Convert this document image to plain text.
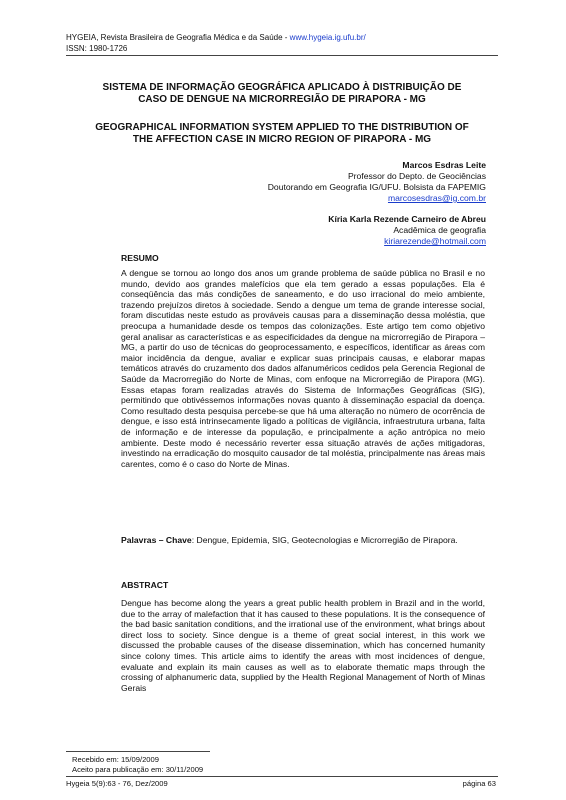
HYGEIA, Revista Brasileira de Geografia Médica e da Saúde - www.hygeia.ig.ufu.br/
ISSN: 1980-1726
SISTEMA DE INFORMAÇÃO GEOGRÁFICA APLICADO À DISTRIBUIÇÃO DE
CASO DE DENGUE NA MICRORREGIÃO DE PIRAPORA - MG
GEOGRAPHICAL INFORMATION SYSTEM APPLIED TO THE DISTRIBUTION OF
THE AFFECTION CASE IN MICRO REGION OF PIRAPORA - MG
Marcos Esdras Leite
Professor do Depto. de Geociências
Doutorando em Geografia IG/UFU. Bolsista da FAPEMIG
marcosesdras@ig.com.br
Kíria Karla Rezende Carneiro de Abreu
Acadêmica de geografia
kiriarezende@hotmail.com
RESUMO
A dengue se tornou ao longo dos anos um grande problema de saúde pública no Brasil e no mundo, devido aos grandes malefícios que ela tem gerado a essas populações. Ela é conseqüência das más condições de saneamento, e do uso irracional do meio ambiente, trazendo prejuízos diretos à sociedade. Sendo a dengue um tema de grande interesse social, foram discutidas neste estudo as prováveis causas para a disseminação dessa moléstia, que preocupa a humanidade desde os tempos das colonizações. Este artigo tem como objetivo geral analisar as características e as especificidades da dengue na microrregião de Pirapora – MG, a partir do uso de técnicas do geoprocessamento, e específicos, identificar as áreas com maior incidência da dengue, avaliar e explicar suas principais causas, e elaborar mapas temáticos através do cruzamento dos dados alfanuméricos cedidos pela Gerencia Regional de Saúde da Macrorregião do Norte de Minas, com enfoque na Microrregião de Pirapora (MG). Essas etapas foram realizadas através do Sistema de Informações Geográficas (SIG), permitindo que obtivéssemos informações novas quanto à disseminação espacial da doença. Como resultado desta pesquisa percebe-se que há uma alteração no número de ocorrência de dengue, e isso está intrinsecamente ligado a políticas de vigilância, infraestrutura urbana, falta de informação e de interesse da população, e principalmente a ação antrópica no meio ambiente. Deste modo é necessário reverter essa situação através de ações mitigadoras, investindo na erradicação do mosquito causador de tal moléstia, principalmente nas áreas mais carentes, como é o caso do Norte de Minas.
Palavras – Chave: Dengue, Epidemia, SIG, Geotecnologias e Microrregião de Pirapora.
ABSTRACT
Dengue has become along the years a great public health problem in Brazil and in the world, due to the array of malefaction that it has caused to these populations. It is the consequence of the bad basic sanitation conditions, and the irrational use of the environment, what brings about direct loss to society. Since dengue is a theme of great social interest, in this work we discussed the probable causes of the disease dissemination, which has concerned humanity since colony times. This article aims to identify the areas with most incidences of dengue, evaluate and explain its main causes as well as to elaborate thematic maps through the crossing of alphanumeric data, supplied by the Health Regional Management of North of Minas Gerais
Recebido em: 15/09/2009
Aceito para publicação em: 30/11/2009
Hygeia 5(9):63 - 76, Dez/2009	página 63
